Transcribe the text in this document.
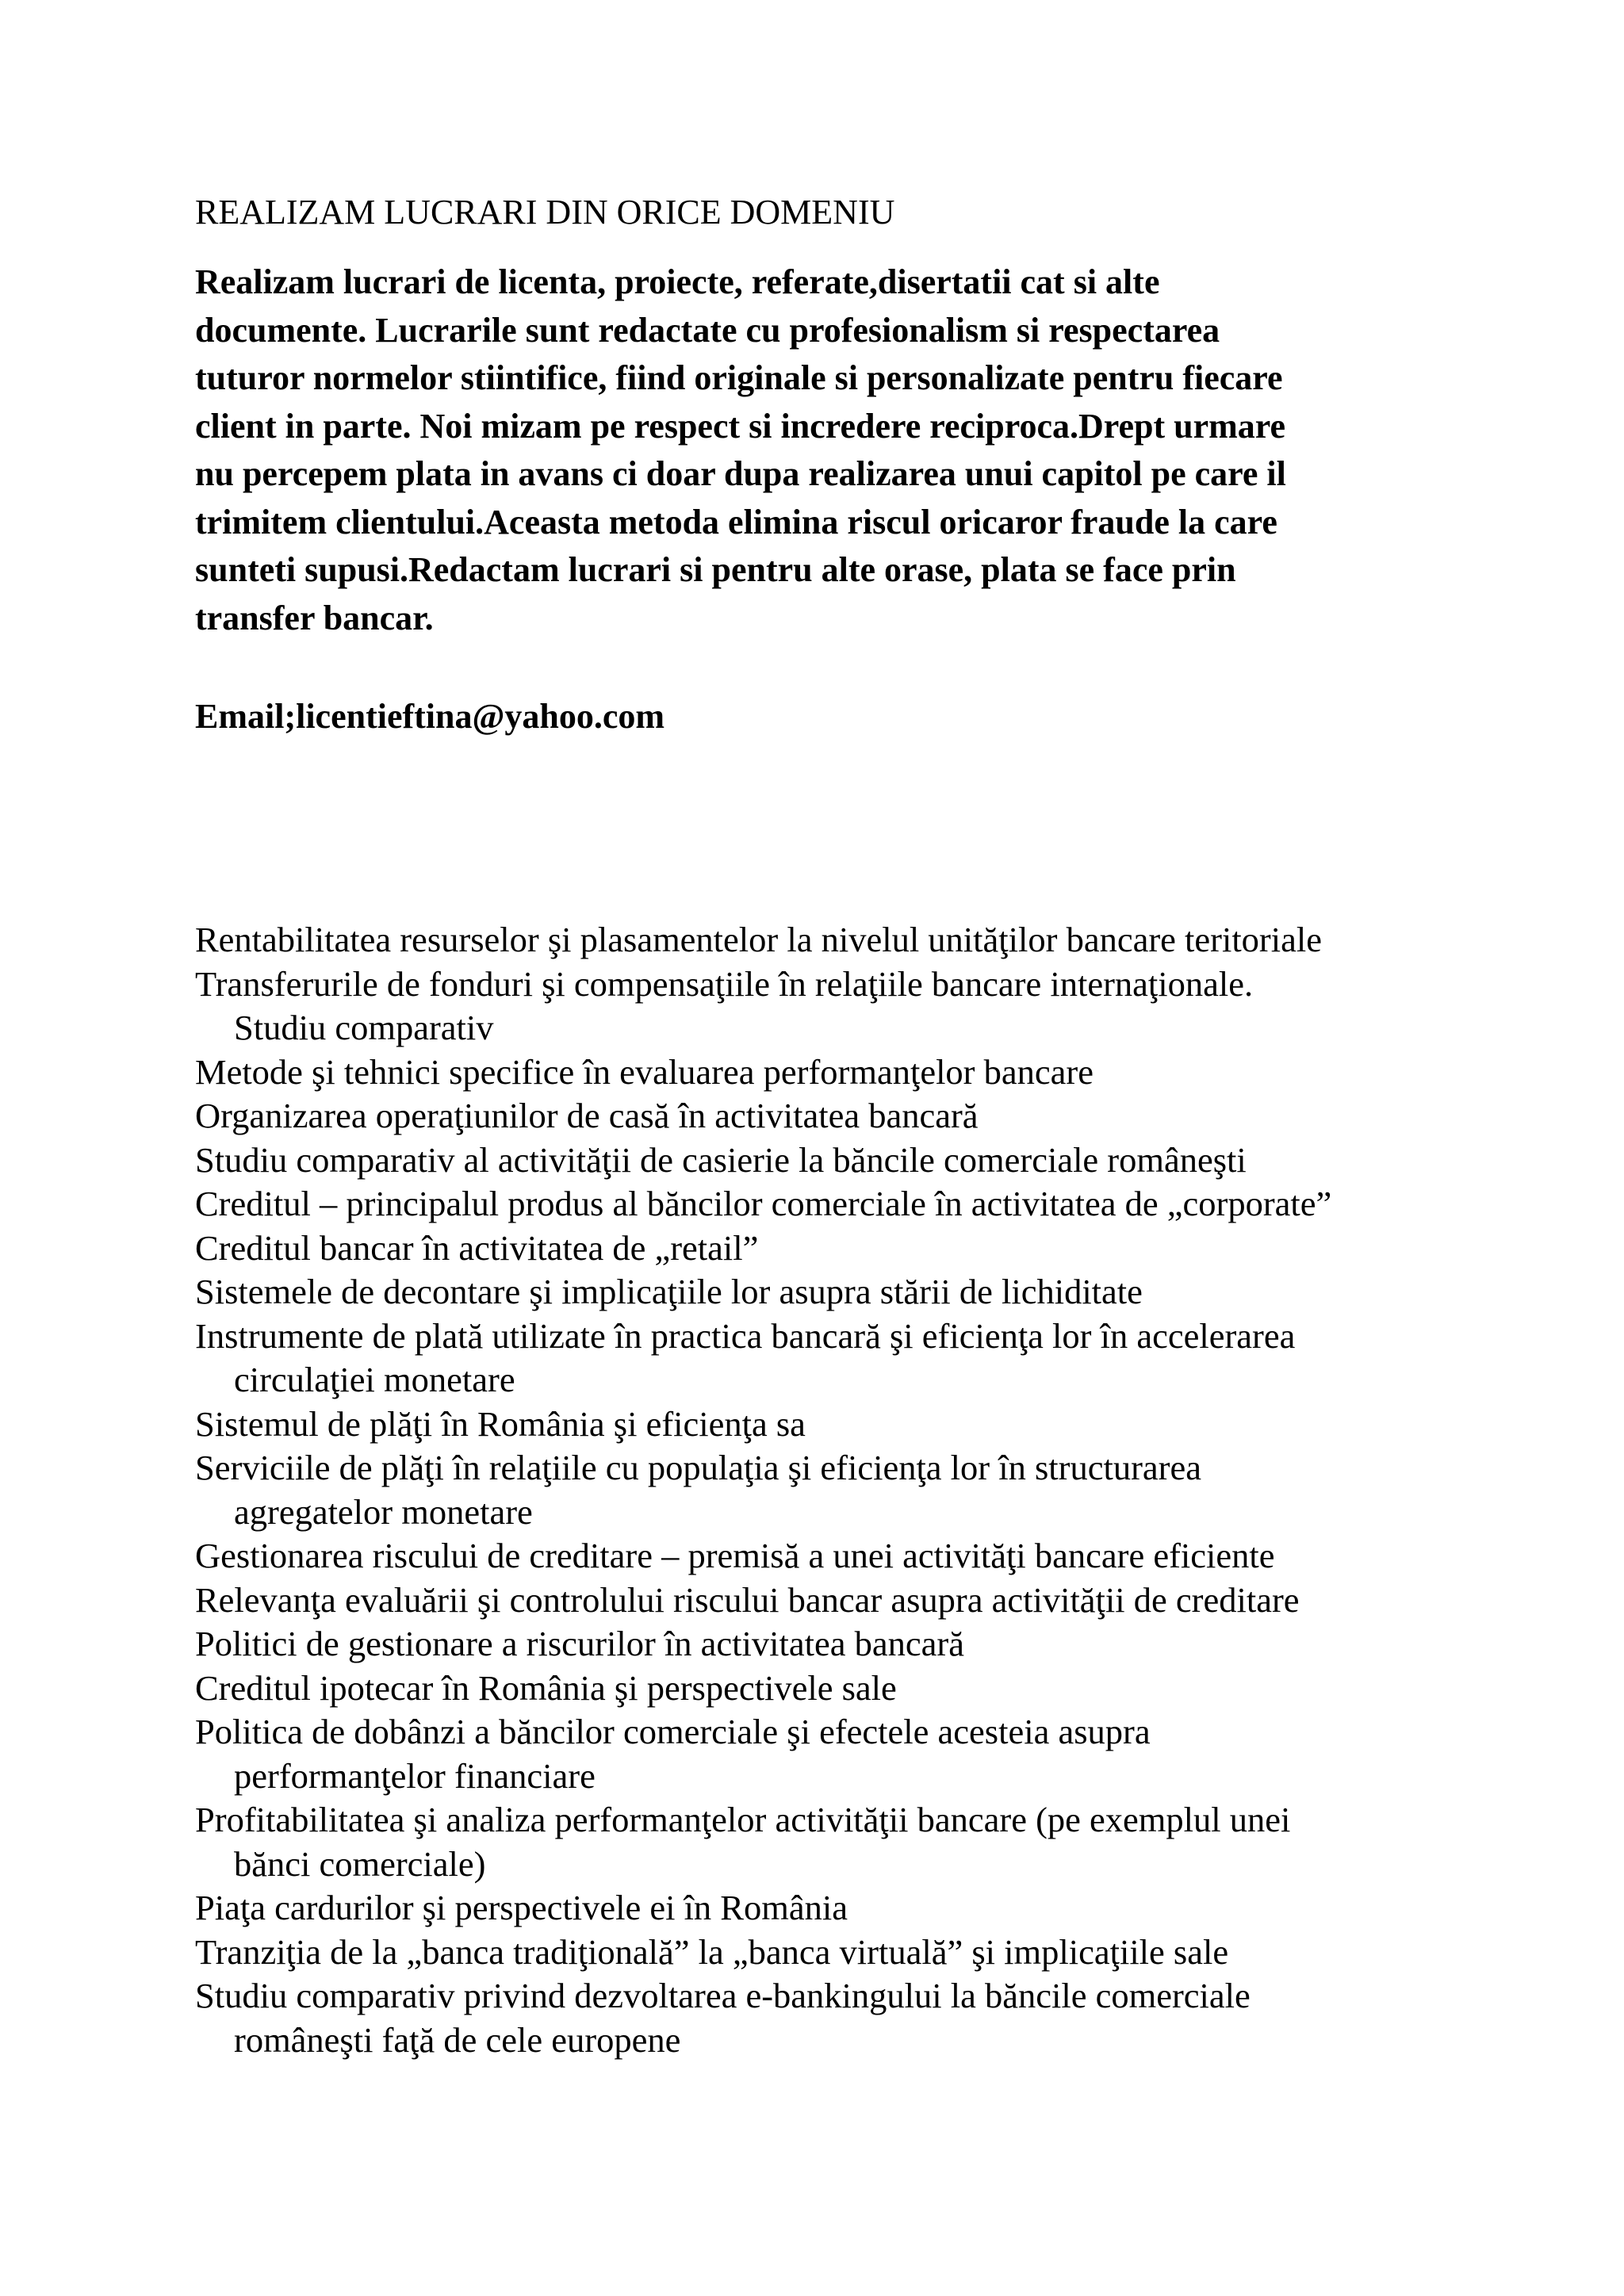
REALIZAM LUCRARI DIN ORICE DOMENIU
Realizam lucrari de licenta, proiecte, referate,disertatii cat si alte
documente. Lucrarile sunt redactate cu profesionalism si respectarea
tuturor normelor stiintifice, fiind originale si personalizate pentru fiecare
client in parte. Noi mizam pe respect si incredere reciproca.Drept urmare
nu percepem plata in avans ci doar dupa realizarea unui capitol pe care il
trimitem clientului.Aceasta metoda elimina riscul oricaror fraude la care
sunteti supusi.Redactam lucrari si pentru alte orase, plata se face prin
transfer bancar.

Email;licentieftina@yahoo.com

Rentabilitatea resurselor şi plasamentelor la nivelul unităţilor bancare teritoriale
Transferurile de fonduri şi compensaţiile în relaţiile bancare internaţionale.
Studiu comparativ
Metode şi tehnici specifice în evaluarea performanţelor bancare
Organizarea operaţiunilor de casă în activitatea bancară
Studiu comparativ al activităţii de casierie la băncile comerciale româneşti
Creditul – principalul produs al băncilor comerciale în activitatea de „corporate”
Creditul bancar în activitatea de „retail”
Sistemele de decontare şi implicaţiile lor asupra stării de lichiditate
Instrumente de plată utilizate în practica bancară şi eficienţa lor în accelerarea
circulaţiei monetare
Sistemul de plăţi în România şi eficienţa sa
Serviciile de plăţi în relaţiile cu populaţia şi eficienţa lor în structurarea
agregatelor monetare
Gestionarea riscului de creditare – premisă a unei activităţi bancare eficiente
Relevanţa evaluării şi controlului riscului bancar asupra activităţii de creditare
Politici de gestionare a riscurilor în activitatea bancară
Creditul ipotecar în România şi perspectivele sale
Politica de dobânzi a băncilor comerciale şi efectele acesteia asupra
performanţelor financiare
Profitabilitatea şi analiza performanţelor activităţii bancare (pe exemplul unei
bănci comerciale)
Piaţa cardurilor şi perspectivele ei în România
Tranziţia de la „banca tradiţională” la „banca virtuală” şi implicaţiile sale
Studiu comparativ privind dezvoltarea e-bankingului la băncile comerciale
româneşti faţă de cele europene
